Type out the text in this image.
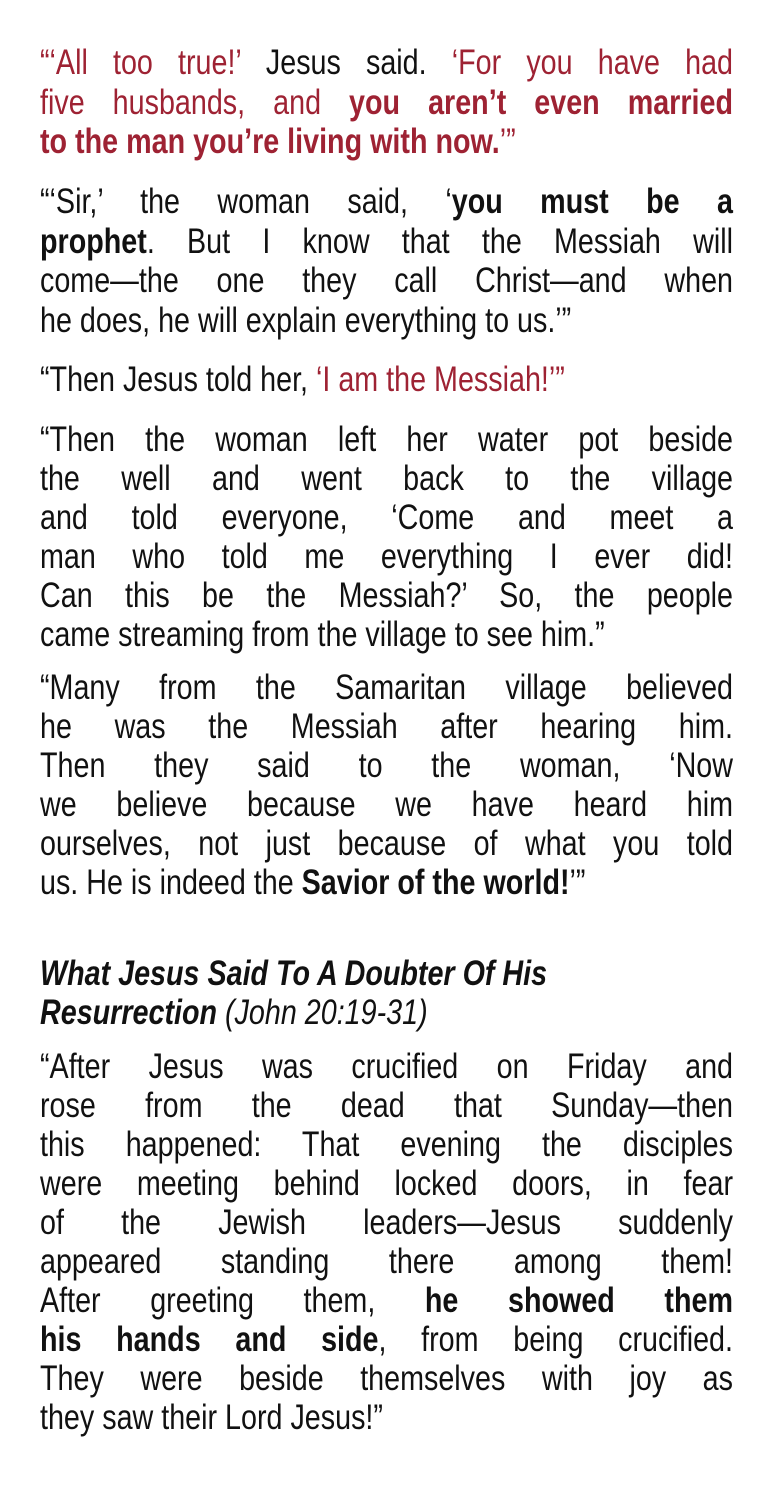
“‘All too true!’ Jesus said. ‘For you have had
five husbands, and you aren’t even married
to the man you’re living with now.’”
“‘Sir,’ the woman said, ‘you must be a
prophet. But I know that the Messiah will
come—the one they call Christ—and when
he does, he will explain everything to us.’”
“Then Jesus told her, ‘I am the Messiah!’”
“Then the woman left her water pot beside
the well and went back to the village
and told everyone, ‘Come and meet a
man who told me everything I ever did!
Can this be the Messiah?’ So, the people
came streaming from the village to see him.”
“Many from the Samaritan village believed
he was the Messiah after hearing him.
Then they said to the woman, ‘Now
we believe because we have heard him
ourselves, not just because of what you told
us. He is indeed the Savior of the world!’”
What Jesus Said To A Doubter Of His
Resurrection (John 20:19-31)
“After Jesus was crucified on Friday and
rose from the dead that Sunday—then
this happened: That evening the disciples
were meeting behind locked doors, in fear
of the Jewish leaders—Jesus suddenly
appeared standing there among them!
After greeting them, he showed them
his hands and side, from being crucified.
They were beside themselves with joy as
they saw their Lord Jesus!”
